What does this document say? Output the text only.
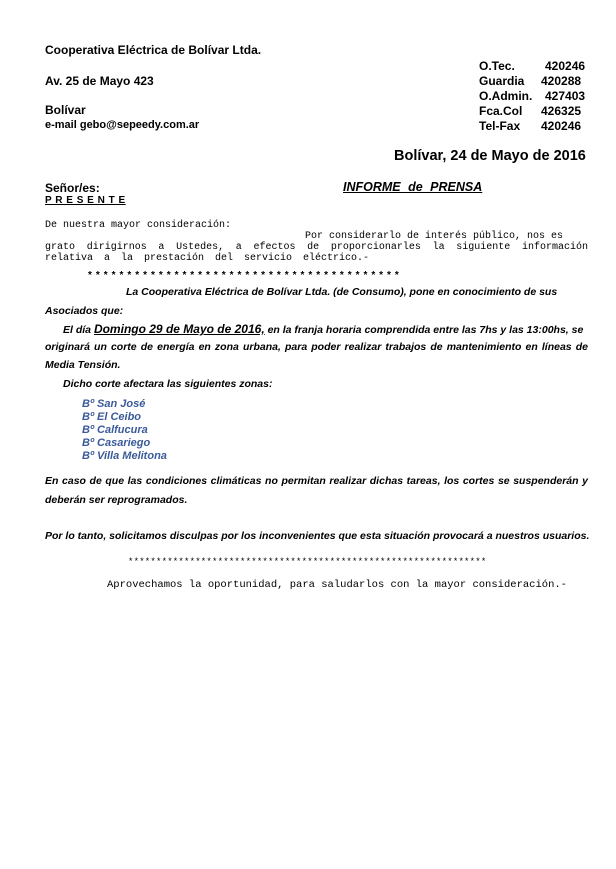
Cooperativa Eléctrica de Bolívar Ltda.
Av. 25 de Mayo 423
Bolívar
e-mail gebo@sepeedy.com.ar
O.Tec.	420246
Guardia 420288
O.Admin. 427403
Fca.Col 426325
Tel-Fax 420246
Bolívar, 24 de Mayo de 2016
Señor/es:
P R E S E N T E
INFORME de PRENSA
De nuestra mayor consideración:
Por considerarlo de interés público, nos es
grato dirigirnos a Ustedes, a efectos de proporcionarles la siguiente información
relativa a la prestación del servicio eléctrico.-
* * * * * * * * * * * * * * * * * * * * * * * * * * * * * * * * * * * * * * * *
La Cooperativa Eléctrica de Bolívar Ltda. (de Consumo), pone en conocimiento de sus
Asociados que:
El día Domingo 29 de Mayo de 2016, en la franja horaria comprendida entre las 7hs y las 13:00hs, se
originará un corte de energía en zona urbana, para poder realizar trabajos de mantenimiento en líneas de
Media Tensión.
Dicho corte afectara las siguientes zonas:
Bº San José
Bº El Ceibo
Bº Calfucura
Bº Casariego
Bº Villa Melitona
En caso de que las condiciones climáticas no permitan realizar dichas tareas, los cortes se suspenderán y
deberán ser reprogramados.
Por lo tanto, solicitamos disculpas por los inconvenientes que esta situación provocará a nuestros usuarios.
****************************************************************
Aprovechamos la oportunidad, para saludarlos con la mayor consideración.-
